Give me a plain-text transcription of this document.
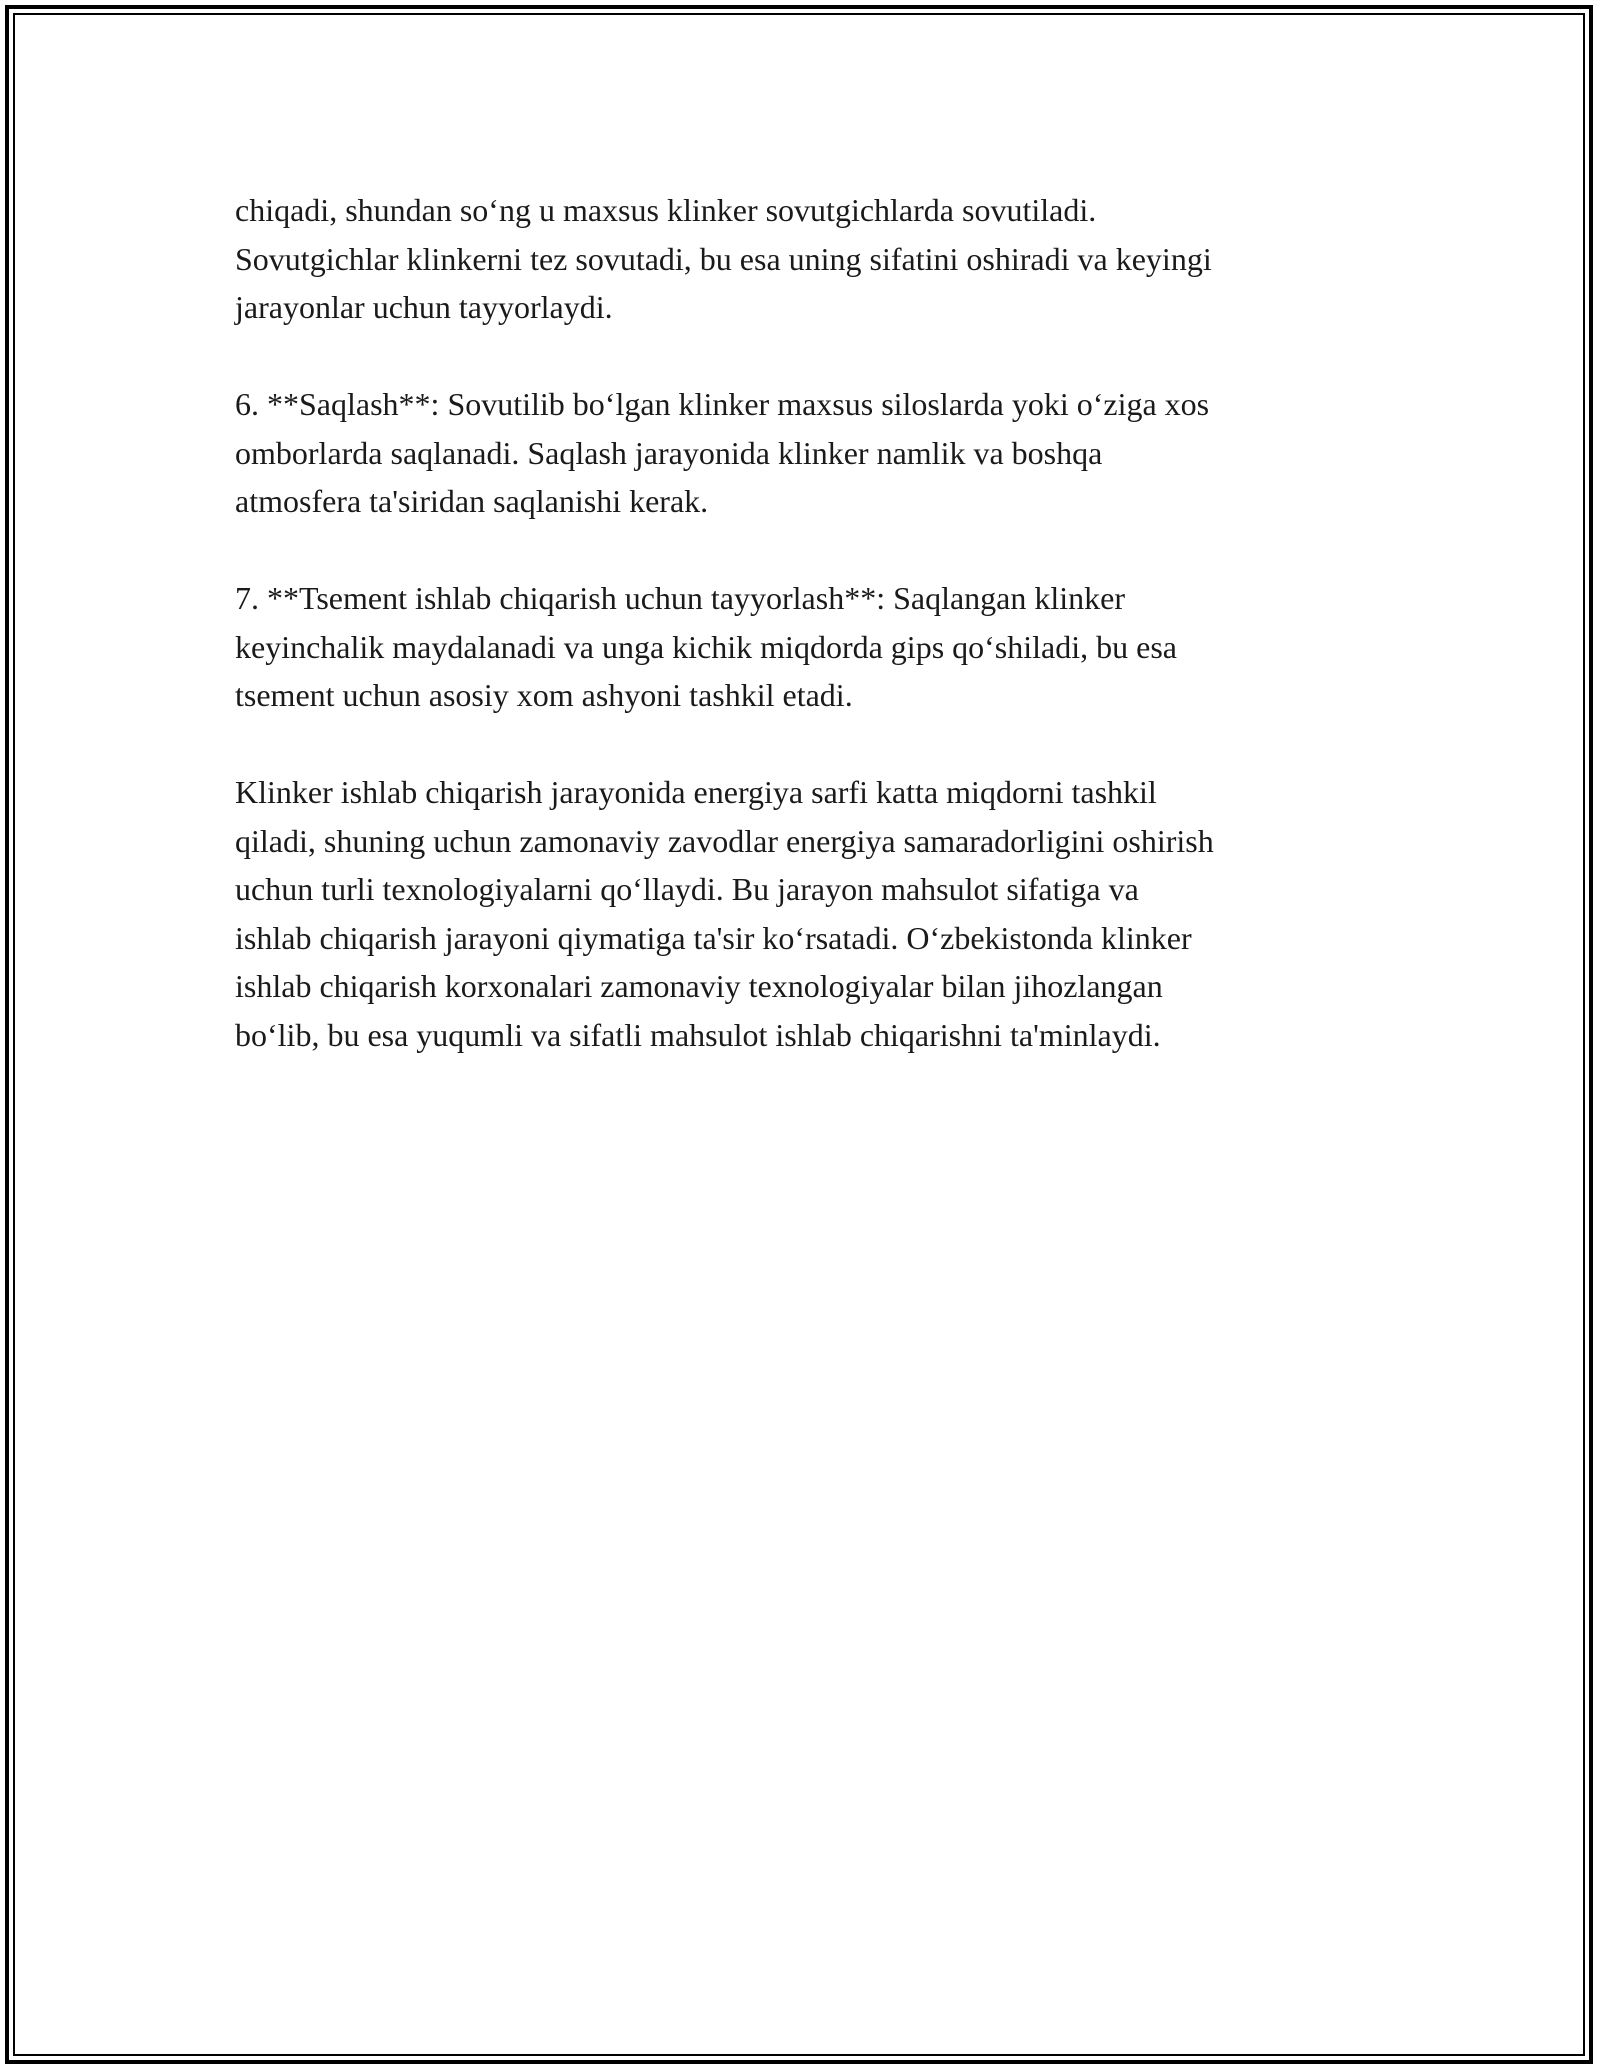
chiqadi, shundan so‘ng u maxsus klinker sovutgichlarda sovutiladi.
Sovutgichlar klinkerni tez sovutadi, bu esa uning sifatini oshiradi va keyingi
jarayonlar uchun tayyorlaydi.

6. **Saqlash**: Sovutilib bo‘lgan klinker maxsus siloslarda yoki o‘ziga xos
omborlarda saqlanadi. Saqlash jarayonida klinker namlik va boshqa
atmosfera ta'siridan saqlanishi kerak.

7. **Tsement ishlab chiqarish uchun tayyorlash**: Saqlangan klinker
keyinchalik maydalanadi va unga kichik miqdorda gips qo‘shiladi, bu esa
tsement uchun asosiy xom ashyoni tashkil etadi.

Klinker ishlab chiqarish jarayonida energiya sarfi katta miqdorni tashkil
qiladi, shuning uchun zamonaviy zavodlar energiya samaradorligini oshirish
uchun turli texnologiyalarni qo‘llaydi. Bu jarayon mahsulot sifatiga va
ishlab chiqarish jarayoni qiymatiga ta'sir ko‘rsatadi. O‘zbekistonda klinker
ishlab chiqarish korxonalari zamonaviy texnologiyalar bilan jihozlangan
bo‘lib, bu esa yuqumli va sifatli mahsulot ishlab chiqarishni ta'minlaydi.
